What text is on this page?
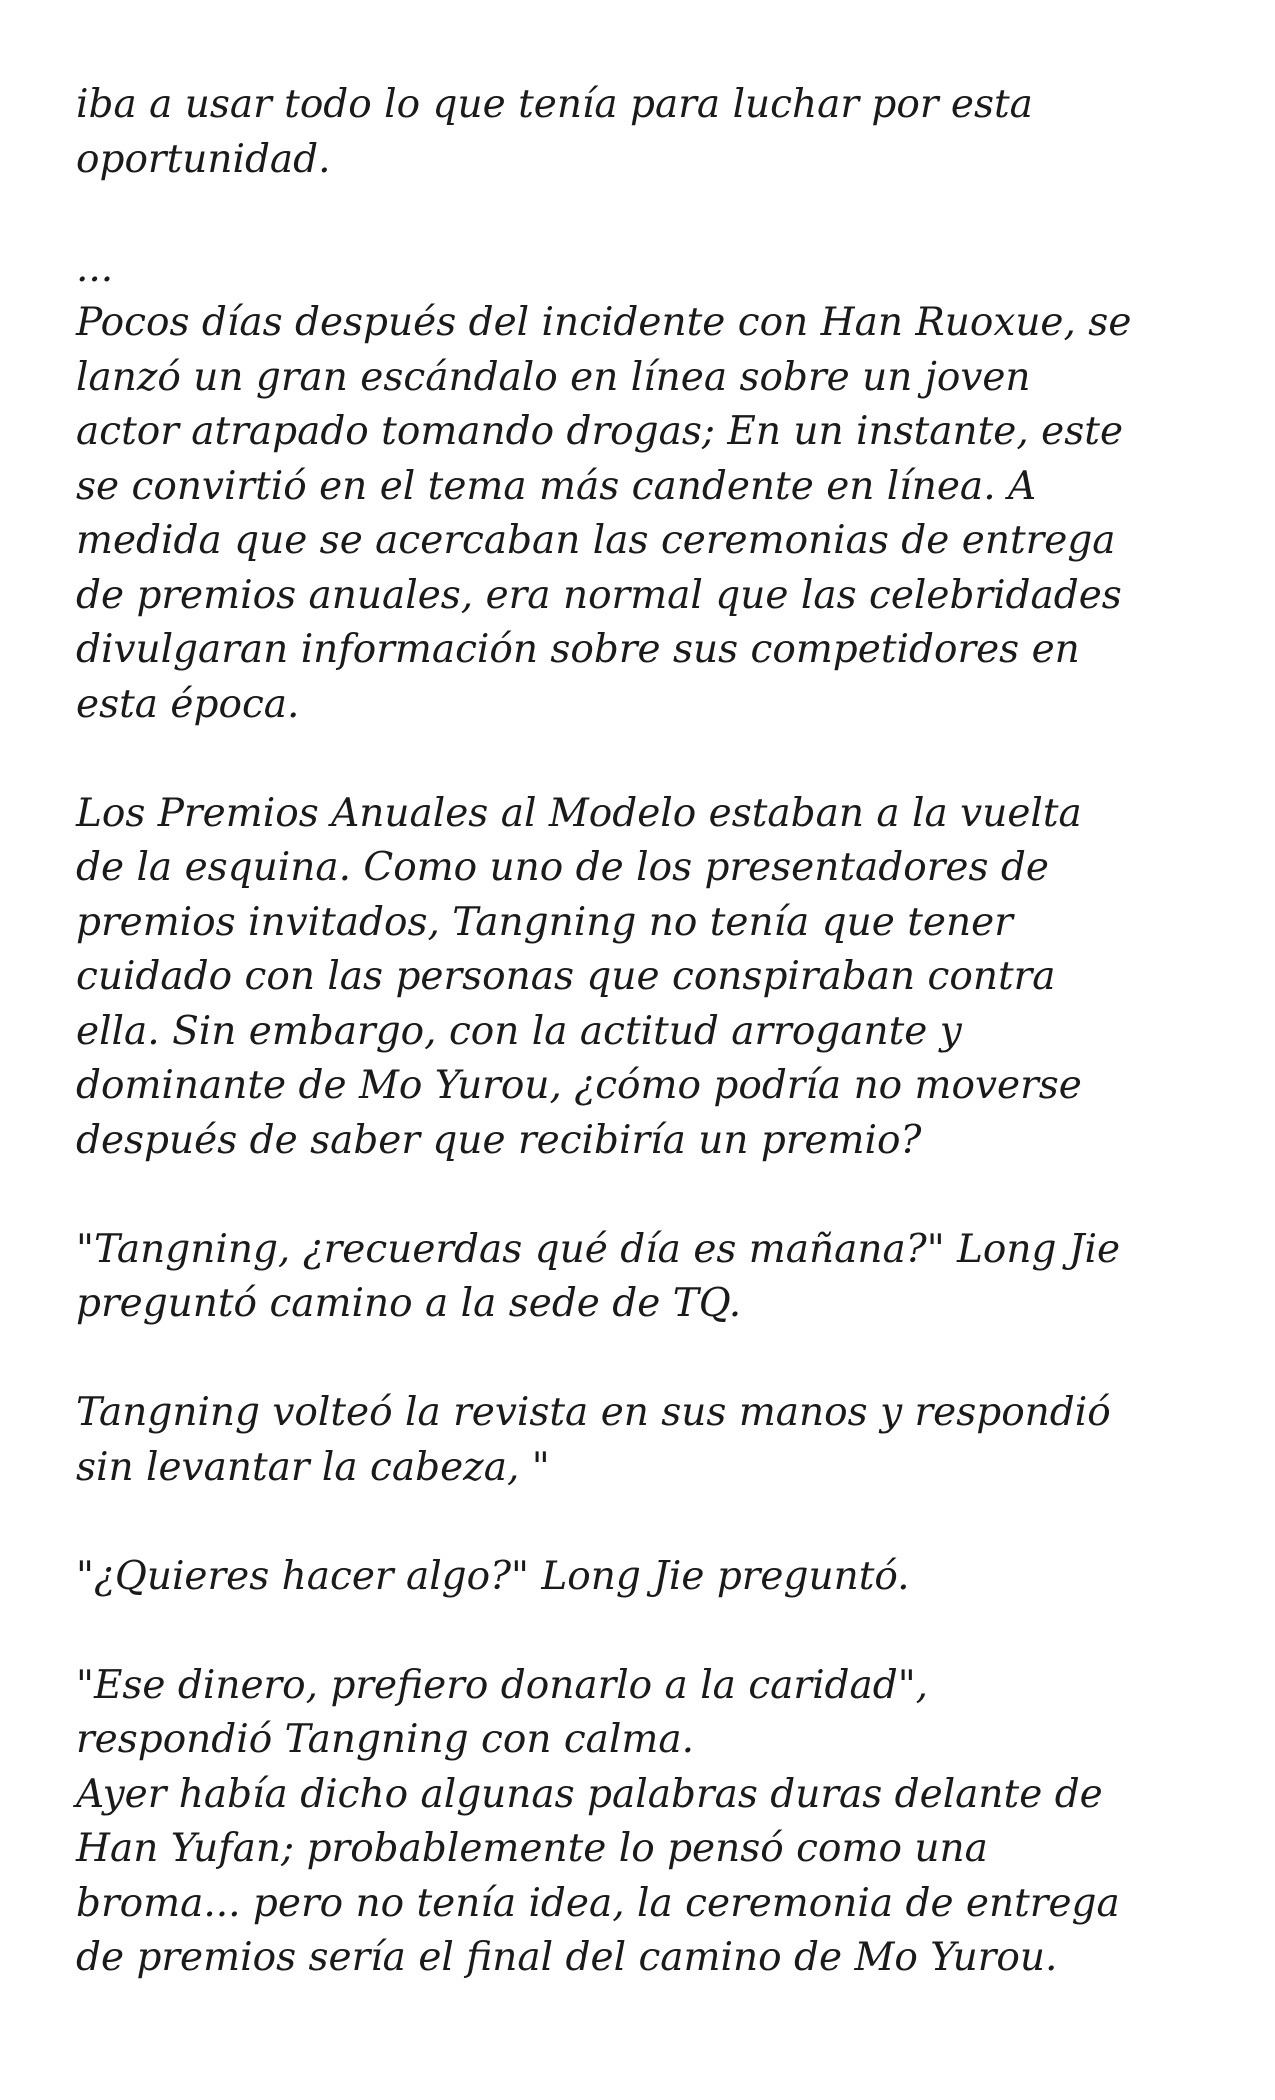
iba a usar todo lo que tenía para luchar por esta
oportunidad.
...
Pocos días después del incidente con Han Ruoxue, se
lanzó un gran escándalo en línea sobre un joven
actor atrapado tomando drogas; En un instante, este
se convirtió en el tema más candente en línea. A
medida que se acercaban las ceremonias de entrega
de premios anuales, era normal que las celebridades
divulgaran información sobre sus competidores en
esta época.
Los Premios Anuales al Modelo estaban a la vuelta
de la esquina. Como uno de los presentadores de
premios invitados, Tangning no tenía que tener
cuidado con las personas que conspiraban contra
ella. Sin embargo, con la actitud arrogante y
dominante de Mo Yurou, ¿cómo podría no moverse
después de saber que recibiría un premio?
"Tangning, ¿recuerdas qué día es mañana?" Long Jie
preguntó camino a la sede de TQ.
Tangning volteó la revista en sus manos y respondió
sin levantar la cabeza, "
"¿Quieres hacer algo?" Long Jie preguntó.
"Ese dinero, prefiero donarlo a la caridad",
respondió Tangning con calma.
Ayer había dicho algunas palabras duras delante de
Han Yufan; probablemente lo pensó como una
broma... pero no tenía idea, la ceremonia de entrega
de premios sería el final del camino de Mo Yurou.
